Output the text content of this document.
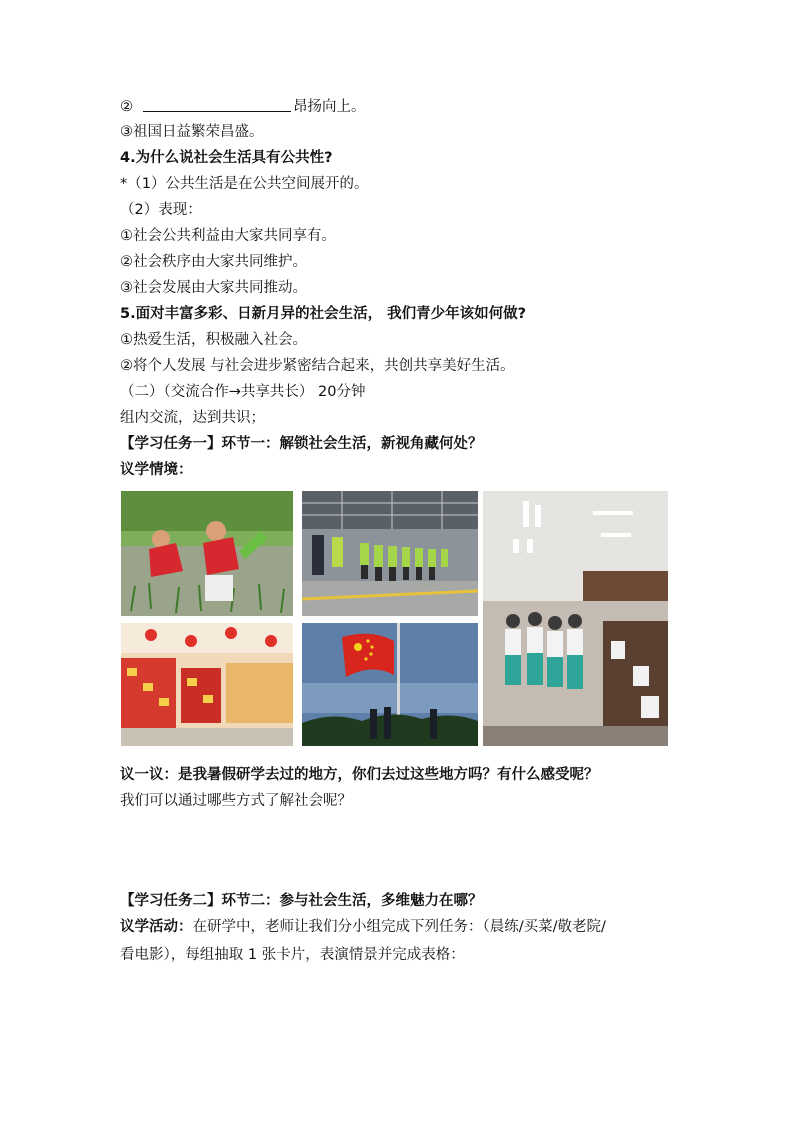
②	昂扬向上。
③祖国日益繁荣昌盛。
4.为什么说社会生活具有公共性?
*（1）公共生活是在公共空间展开的。
（2）表现：
①社会公共利益由大家共同享有。
②社会秩序由大家共同维护。
③社会发展由大家共同推动。
5.面对丰富多彩、日新月异的社会生活， 我们青少年该如何做?
①热爱生活，积极融入社会。
②将个人发展 与社会进步紧密结合起来，共创共享美好生活。
（二）（交流合作→共享共长） 20分钟
组内交流，达到共识；
【学习任务一】环节一：解锁社会生活，新视角藏何处？
议学情境：
议一议：是我暑假研学去过的地方，你们去过这些地方吗？有什么感受呢？
我们可以通过哪些方式了解社会呢？
【学习任务二】环节二：参与社会生活，多维魅力在哪？
议学活动：在研学中，老师让我们分小组完成下列任务：（晨练/买菜/敬老院/
看电影），每组抽取 1 张卡片，表演情景并完成表格：
